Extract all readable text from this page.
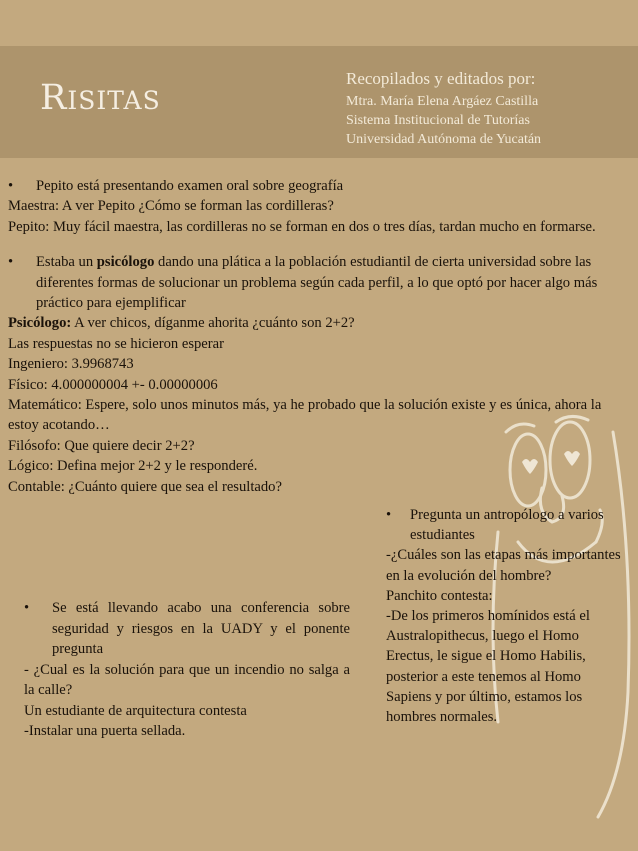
Risitas	Recopilados y editados por:
Mtra. María Elena Argáez Castilla
Sistema Institucional de Tutorías
Universidad Autónoma de Yucatán
•	Pepito está presentando examen oral sobre geografía

Maestra: A ver Pepito ¿Cómo se forman las cordilleras?

Pepito: Muy fácil maestra, las cordilleras no se forman en dos o tres días, tardan mucho en formarse.

•	Estaba un psicólogo dando una plática a la población estudiantil de cierta universidad sobre las diferentes formas de solucionar un problema según cada perfil, a lo que optó por hacer algo más práctico para ejemplificar

Psicólogo: A ver chicos, díganme ahorita ¿cuánto son 2+2?

Las respuestas no se hicieron esperar

Ingeniero: 3.9968743

Físico: 4.000000004 +- 0.00000006

Matemático: Espere, solo unos minutos más, ya he probado que la solución existe y es única, ahora la estoy acotando…

Filósofo: Que quiere decir 2+2?

Lógico: Defina mejor 2+2 y le responderé.

Contable: ¿Cuánto quiere que sea el resultado?

•	Se está llevando acabo una conferencia sobre seguridad y riesgos en la UADY y el ponente pregunta

- ¿Cual es la solución para que un incendio no salga a la calle?

Un estudiante de arquitectura contesta

-Instalar una puerta sellada.

•	Pregunta un antropólogo a varios estudiantes

-¿Cuáles son las etapas más importantes en la evolución del hombre?

Panchito contesta:

-De los primeros homínidos está el Australopithecus, luego el Homo Erectus, le sigue el Homo Habilis, posterior a este tenemos al Homo Sapiens y por último, estamos los hombres normales.
